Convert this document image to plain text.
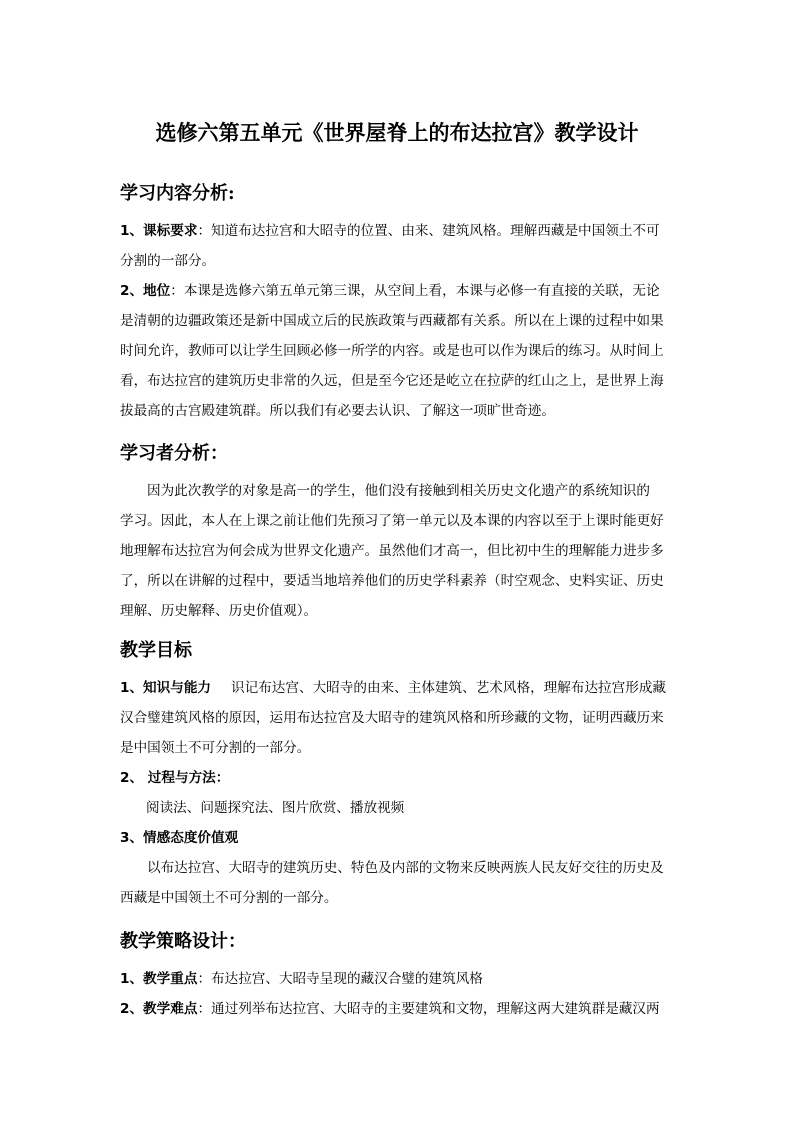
选修六第五单元《世界屋脊上的布达拉宫》教学设计
学习内容分析:
1、课标要求：知道布达拉宫和大昭寺的位置、由来、建筑风格。理解西藏是中国领土不可
分割的一部分。
2、地位：本课是选修六第五单元第三课，从空间上看，本课与必修一有直接的关联，无论
是清朝的边疆政策还是新中国成立后的民族政策与西藏都有关系。所以在上课的过程中如果
时间允许，教师可以让学生回顾必修一所学的内容。或是也可以作为课后的练习。从时间上
看，布达拉宫的建筑历史非常的久远，但是至今它还是屹立在拉萨的红山之上，是世界上海
拔最高的古宫殿建筑群。所以我们有必要去认识、了解这一项旷世奇迹。
学习者分析：
因为此次教学的对象是高一的学生，他们没有接触到相关历史文化遗产的系统知识的
学习。因此，本人在上课之前让他们先预习了第一单元以及本课的内容以至于上课时能更好
地理解布达拉宫为何会成为世界文化遗产。虽然他们才高一，但比初中生的理解能力进步多
了，所以在讲解的过程中，要适当地培养他们的历史学科素养（时空观念、史料实证、历史
理解、历史解释、历史价值观）。
教学目标
1、知识与能力 识记布达宫、大昭寺的由来、主体建筑、艺术风格，理解布达拉宫形成藏
汉合璧建筑风格的原因，运用布达拉宫及大昭寺的建筑风格和所珍藏的文物，证明西藏历来
是中国领土不可分割的一部分。
2、 过程与方法：
阅读法、问题探究法、图片欣赏、播放视频
3、情感态度价值观
以布达拉宫、大昭寺的建筑历史、特色及内部的文物来反映两族人民友好交往的历史及
西藏是中国领土不可分割的一部分。
教学策略设计：
1、教学重点：布达拉宫、大昭寺呈现的藏汉合璧的建筑风格
2、教学难点：通过列举布达拉宫、大昭寺的主要建筑和文物，理解这两大建筑群是藏汉两
